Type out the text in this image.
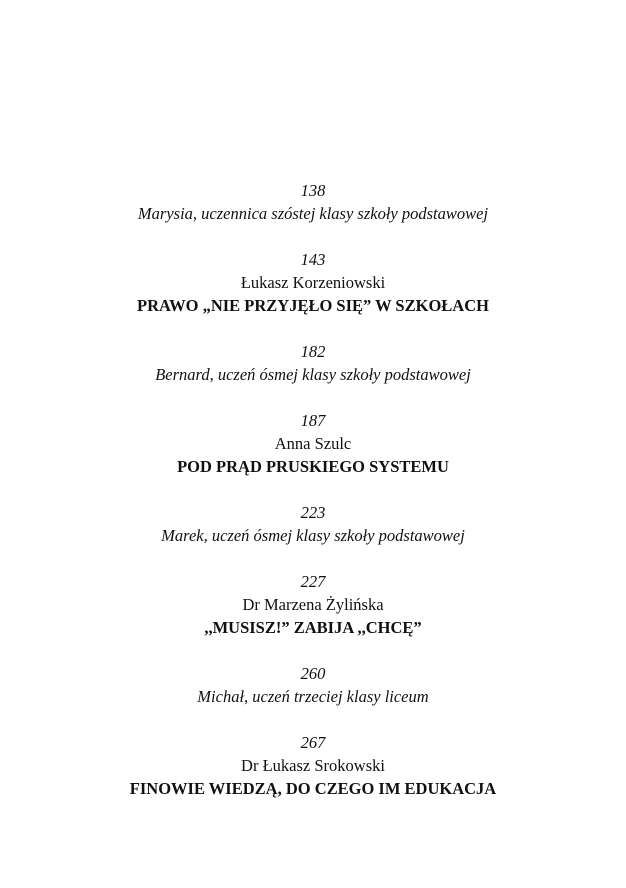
138
Marysia, uczennica szóstej klasy szkoły podstawowej
143
Łukasz Korzeniowski
PRAWO „NIE PRZYJĘŁO SIĘ” W SZKOŁACH
182
Bernard, uczeń ósmej klasy szkoły podstawowej
187
Anna Szulc
POD PRĄD PRUSKIEGO SYSTEMU
223
Marek, uczeń ósmej klasy szkoły podstawowej
227
Dr Marzena Żylińska
,,MUSISZ!” ZABIJA ,,CHCĘ”
260
Michał, uczeń trzeciej klasy liceum
267
Dr Łukasz Srokowski
FINOWIE WIEDZĄ, DO CZEGO IM EDUKACJA
